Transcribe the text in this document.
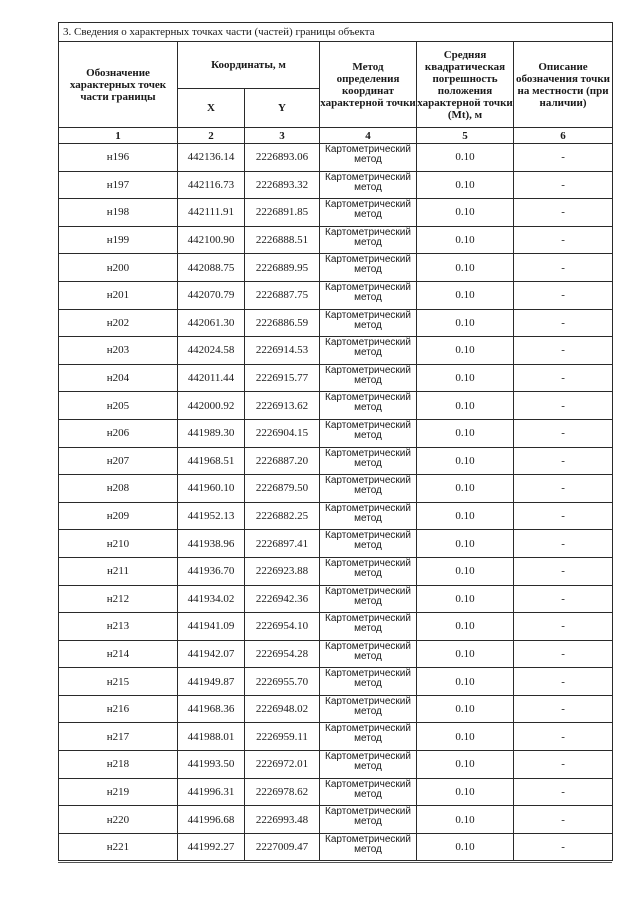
3. Сведения о характерных точках части (частей) границы объекта					
Обозначение характерных точек части границы	Координаты, м		Метод определения координат характерной точки	Средняя квадратическая погрешность положения характерной точки (Mt), м	Описание обозначения точки на местности (при наличии)
	X	Y			
1	2	3	4	5	6
н196	442136.14	2226893.06	Картометрический метод	0.10	-
н197	442116.73	2226893.32	Картометрический метод	0.10	-
н198	442111.91	2226891.85	Картометрический метод	0.10	-
н199	442100.90	2226888.51	Картометрический метод	0.10	-
н200	442088.75	2226889.95	Картометрический метод	0.10	-
н201	442070.79	2226887.75	Картометрический метод	0.10	-
н202	442061.30	2226886.59	Картометрический метод	0.10	-
н203	442024.58	2226914.53	Картометрический метод	0.10	-
н204	442011.44	2226915.77	Картометрический метод	0.10	-
н205	442000.92	2226913.62	Картометрический метод	0.10	-
н206	441989.30	2226904.15	Картометрический метод	0.10	-
н207	441968.51	2226887.20	Картометрический метод	0.10	-
н208	441960.10	2226879.50	Картометрический метод	0.10	-
н209	441952.13	2226882.25	Картометрический метод	0.10	-
н210	441938.96	2226897.41	Картометрический метод	0.10	-
н211	441936.70	2226923.88	Картометрический метод	0.10	-
н212	441934.02	2226942.36	Картометрический метод	0.10	-
н213	441941.09	2226954.10	Картометрический метод	0.10	-
н214	441942.07	2226954.28	Картометрический метод	0.10	-
н215	441949.87	2226955.70	Картометрический метод	0.10	-
н216	441968.36	2226948.02	Картометрический метод	0.10	-
н217	441988.01	2226959.11	Картометрический метод	0.10	-
н218	441993.50	2226972.01	Картометрический метод	0.10	-
н219	441996.31	2226978.62	Картометрический метод	0.10	-
н220	441996.68	2226993.48	Картометрический метод	0.10	-
н221	441992.27	2227009.47	Картометрический метод	0.10	-
